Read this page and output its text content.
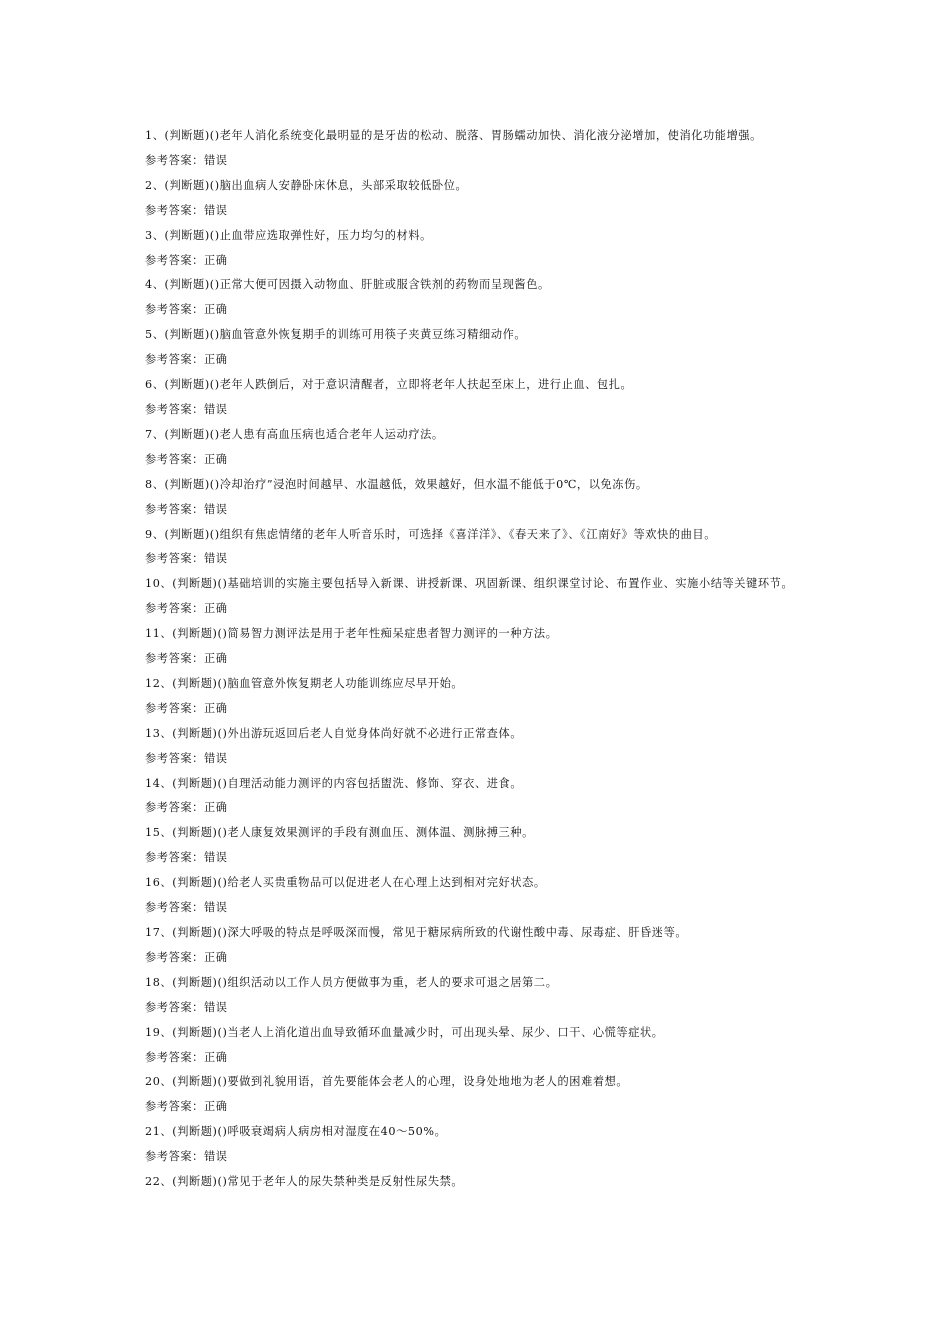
1、(判断题)()老年人消化系统变化最明显的是牙齿的松动、脱落、胃肠蠕动加快、消化液分泌增加，使消化功能增强。
参考答案：错误
2、(判断题)()脑出血病人安静卧床休息，头部采取较低卧位。
参考答案：错误
3、(判断题)()止血带应选取弹性好，压力均匀的材料。
参考答案：正确
4、(判断题)()正常大便可因摄入动物血、肝脏或服含铁剂的药物而呈现酱色。
参考答案：正确
5、(判断题)()脑血管意外恢复期手的训练可用筷子夹黄豆练习精细动作。
参考答案：正确
6、(判断题)()老年人跌倒后，对于意识清醒者，立即将老年人扶起至床上，进行止血、包扎。
参考答案：错误
7、(判断题)()老人患有高血压病也适合老年人运动疗法。
参考答案：正确
8、(判断题)()冷却治疗”浸泡时间越早、水温越低，效果越好，但水温不能低于0℃，以免冻伤。
参考答案：错误
9、(判断题)()组织有焦虑情绪的老年人听音乐时，可选择《喜洋洋》、《春天来了》、《江南好》等欢快的曲目。
参考答案：错误
10、(判断题)()基础培训的实施主要包括导入新课、讲授新课、巩固新课、组织课堂讨论、布置作业、实施小结等关键环节。
参考答案：正确
11、(判断题)()简易智力测评法是用于老年性痴呆症患者智力测评的一种方法。
参考答案：正确
12、(判断题)()脑血管意外恢复期老人功能训练应尽早开始。
参考答案：正确
13、(判断题)()外出游玩返回后老人自觉身体尚好就不必进行正常查体。
参考答案：错误
14、(判断题)()自理活动能力测评的内容包括盥洗、修饰、穿衣、进食。
参考答案：正确
15、(判断题)()老人康复效果测评的手段有测血压、测体温、测脉搏三种。
参考答案：错误
16、(判断题)()给老人买贵重物品可以促进老人在心理上达到相对完好状态。
参考答案：错误
17、(判断题)()深大呼吸的特点是呼吸深而慢，常见于糖尿病所致的代谢性酸中毒、尿毒症、肝昏迷等。
参考答案：正确
18、(判断题)()组织活动以工作人员方便做事为重，老人的要求可退之居第二。
参考答案：错误
19、(判断题)()当老人上消化道出血导致循环血量减少时，可出现头晕、尿少、口干、心慌等症状。
参考答案：正确
20、(判断题)()要做到礼貌用语，首先要能体会老人的心理，设身处地地为老人的困难着想。
参考答案：正确
21、(判断题)()呼吸衰竭病人病房相对湿度在40～50%。
参考答案：错误
22、(判断题)()常见于老年人的尿失禁种类是反射性尿失禁。
